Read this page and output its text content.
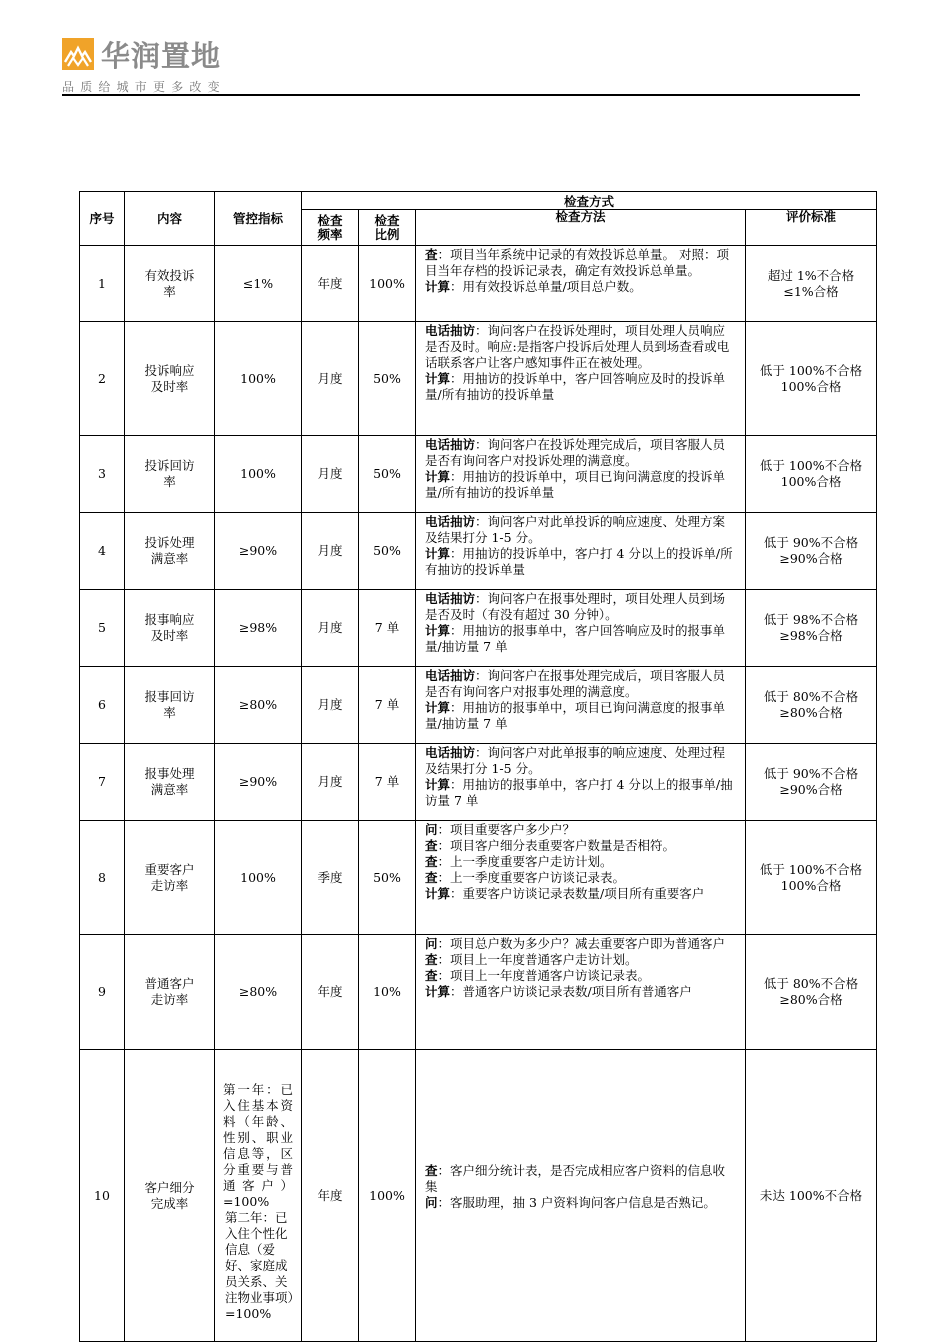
华润置地
品质给城市更多改变
序号	内容	管控指标	检查方式			
			检查频率	检查比例	检查方法	评价标准
1	有效投诉率	≤1%	年度	100%	查：项目当年系统中记录的有效投诉总单量。 对照：项目当年存档的投诉记录表，确定有效投诉总单量。
计算：用有效投诉总单量/项目总户数。	超过 1%不合格
≤1%合格

2	投诉响应及时率	100%	月度	50%	电话抽访：询问客户在投诉处理时，项目处理人员响应是否及时。响应:是指客户投诉后处理人员到场查看或电话联系客户让客户感知事件正在被处理。
计算：用抽访的投诉单中，客户回答响应及时的投诉单量/所有抽访的投诉单量	低于 100%不合格
100%合格

3	投诉回访率	100%	月度	50%	电话抽访：询问客户在投诉处理完成后，项目客服人员是否有询问客户对投诉处理的满意度。
计算：用抽访的投诉单中，项目已询问满意度的投诉单量/所有抽访的投诉单量	低于 100%不合格
100%合格

4	投诉处理满意率	≥90%	月度	50%	电话抽访：询问客户对此单投诉的响应速度、处理方案及结果打分 1-5 分。
计算：用抽访的投诉单中，客户打 4 分以上的投诉单/所有抽访的投诉单量	低于 90%不合格
≥90%合格

5	报事响应及时率	≥98%	月度	7 单	电话抽访：询问客户在报事处理时，项目处理人员到场是否及时（有没有超过 30 分钟）。
计算：用抽访的报事单中，客户回答响应及时的报事单量/抽访量 7 单	低于 98%不合格
≥98%合格

6	报事回访率	≥80%	月度	7 单	电话抽访：询问客户在报事处理完成后，项目客服人员是否有询问客户对报事处理的满意度。
计算：用抽访的报事单中，项目已询问满意度的报事单量/抽访量 7 单	低于 80%不合格
≥80%合格

7	报事处理满意率	≥90%	月度	7 单	电话抽访：询问客户对此单报事的响应速度、处理过程及结果打分 1-5 分。
计算：用抽访的报事单中，客户打 4 分以上的报事单/抽访量 7 单	低于 90%不合格
≥90%合格

8	重要客户走访率	100%	季度	50%	问：项目重要客户多少户？
查：项目客户细分表重要客户数量是否相符。
查：上一季度重要客户走访计划。
查：上一季度重要客户访谈记录表。
计算：重要客户访谈记录表数量/项目所有重要客户	低于 100%不合格
100%合格

9	普通客户走访率	≥80%	年度	10%	问：项目总户数为多少户？减去重要客户即为普通客户
查：项目上一年度普通客户走访计划。
查：项目上一年度普通客户访谈记录表。
计算：普通客户访谈记录表数/项目所有普通客户	低于 80%不合格
≥80%合格

10	客户细分完成率	第一年：已入住基本资料（年龄、性别、职业信息等，区分重要与普通客户）=100%
第二年：已入住个性化信息（爱好、家庭成员关系、关注物业事项）=100%	年度	100%	查：客户细分统计表，是否完成相应客户资料的信息收集
问：客服助理，抽 3 户资料询问客户信息是否熟记。	未达 100%不合格
